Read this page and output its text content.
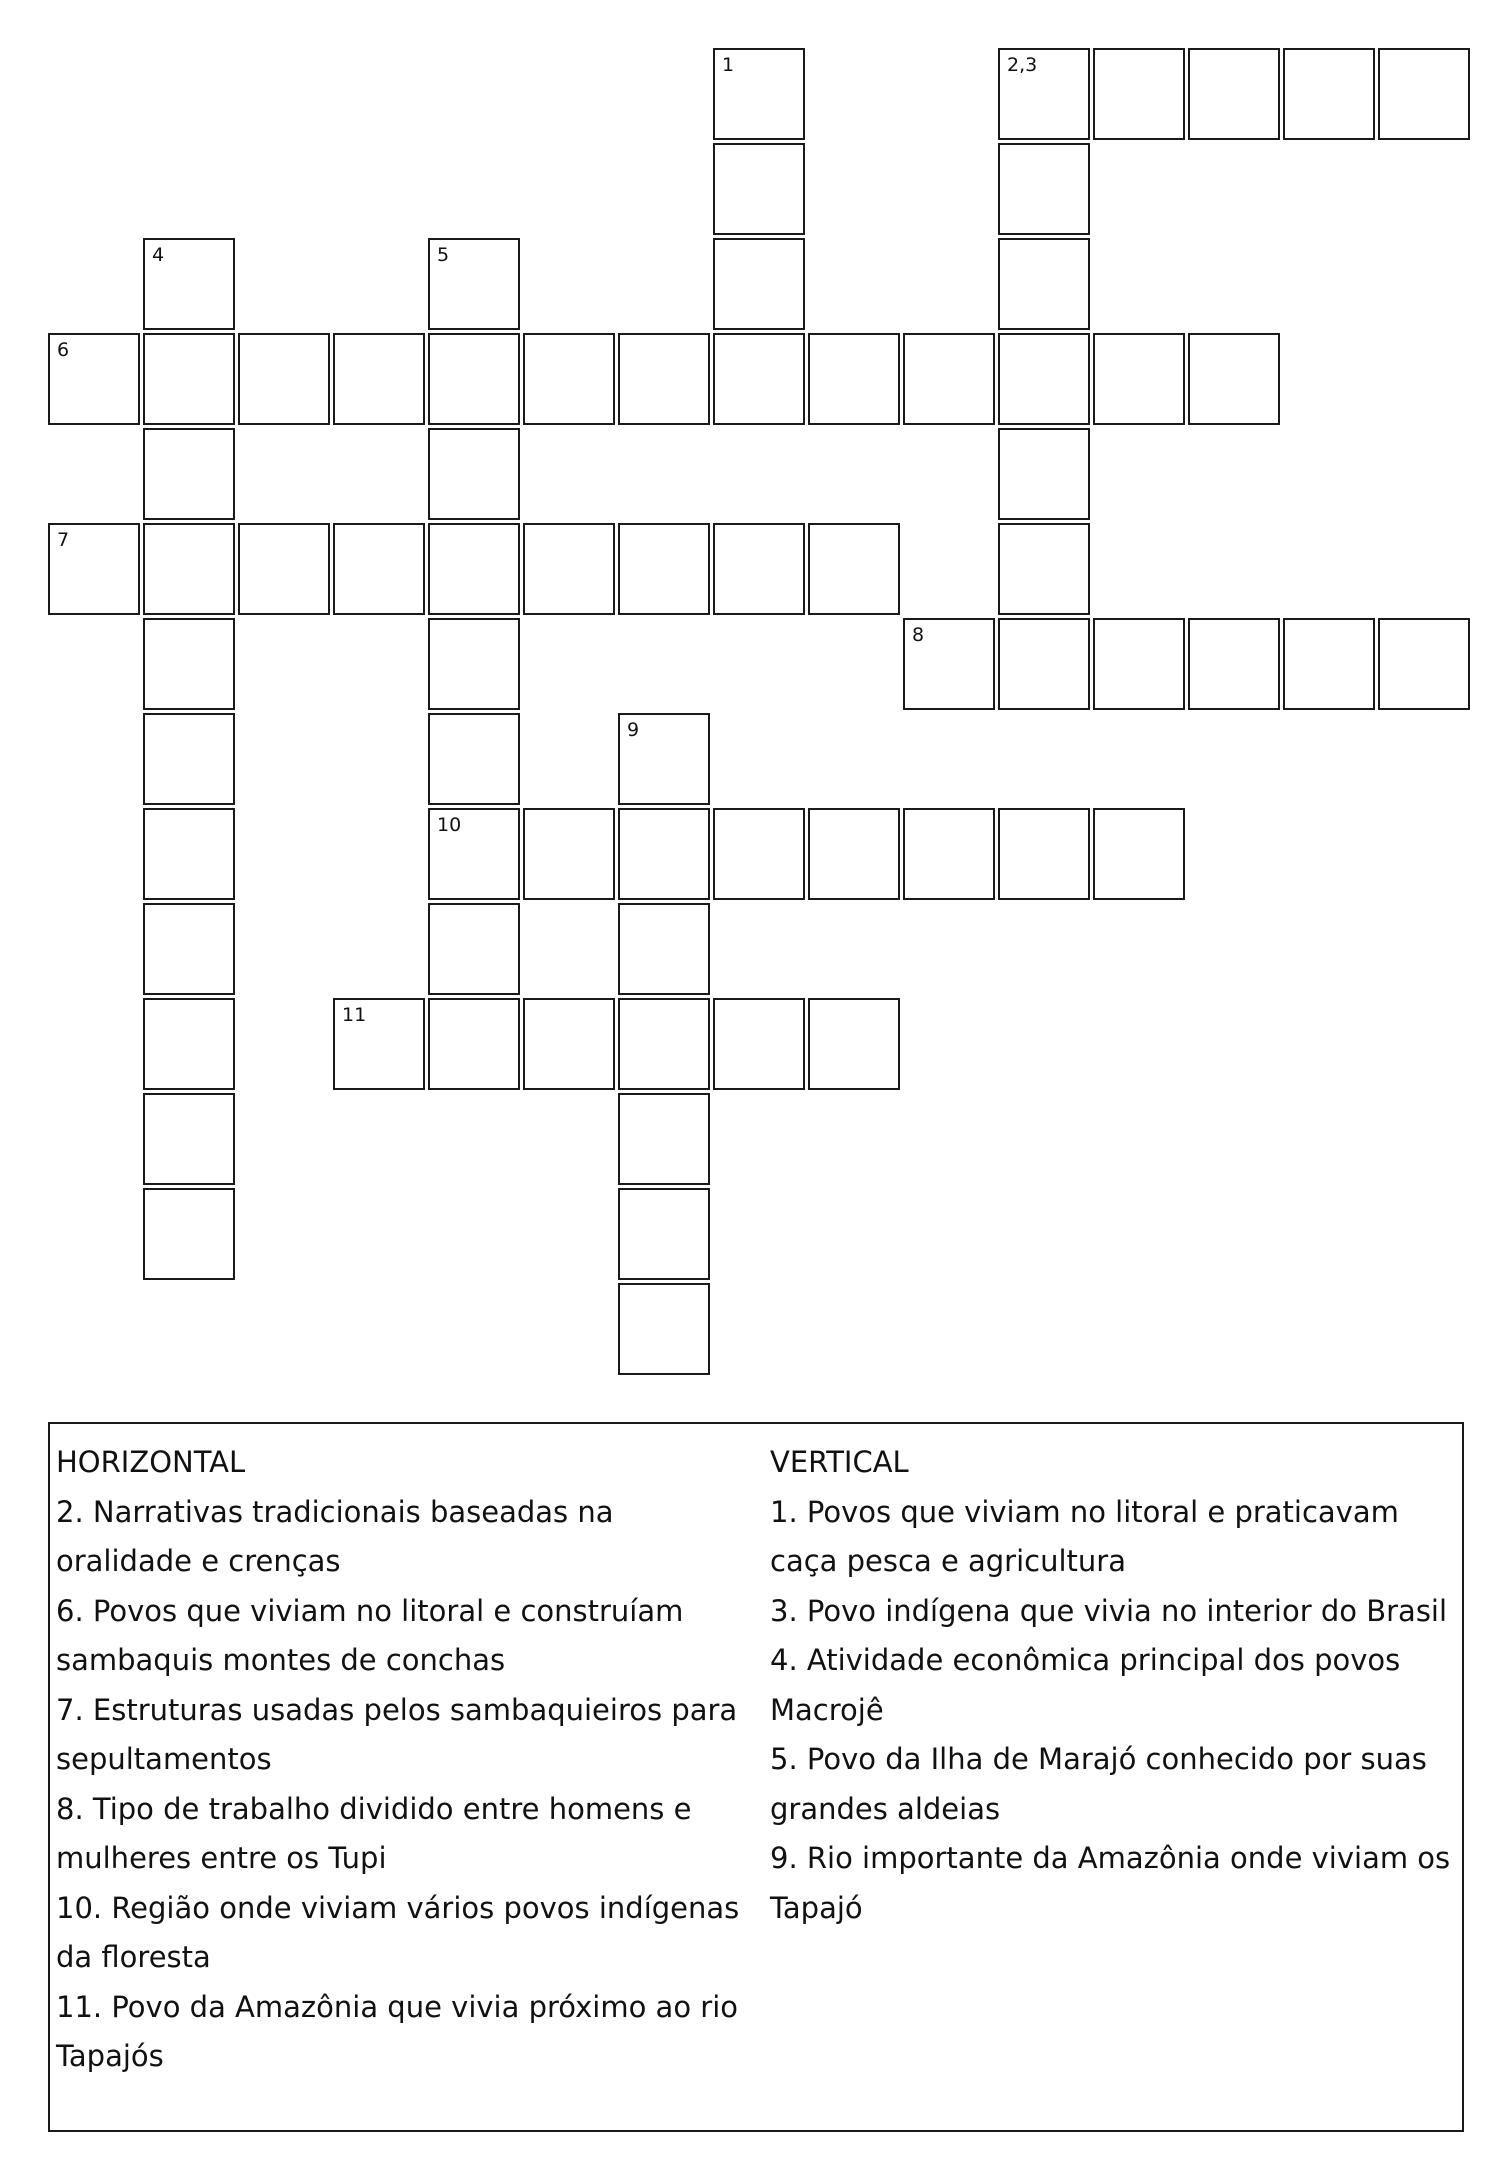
1	2,3
4	5
6
7
8
9
10
11
HORIZONTAL
2. Narrativas tradicionais baseadas na oralidade e crenças
6. Povos que viviam no litoral e construíam sambaquis montes de conchas
7. Estruturas usadas pelos sambaquieiros para sepultamentos
8. Tipo de trabalho dividido entre homens e mulheres entre os Tupi
10. Região onde viviam vários povos indígenas da floresta
11. Povo da Amazônia que vivia próximo ao rio Tapajós
VERTICAL
1. Povos que viviam no litoral e praticavam caça pesca e agricultura
3. Povo indígena que vivia no interior do Brasil
4. Atividade econômica principal dos povos Macrojê
5. Povo da Ilha de Marajó conhecido por suas grandes aldeias
9. Rio importante da Amazônia onde viviam os Tapajó
